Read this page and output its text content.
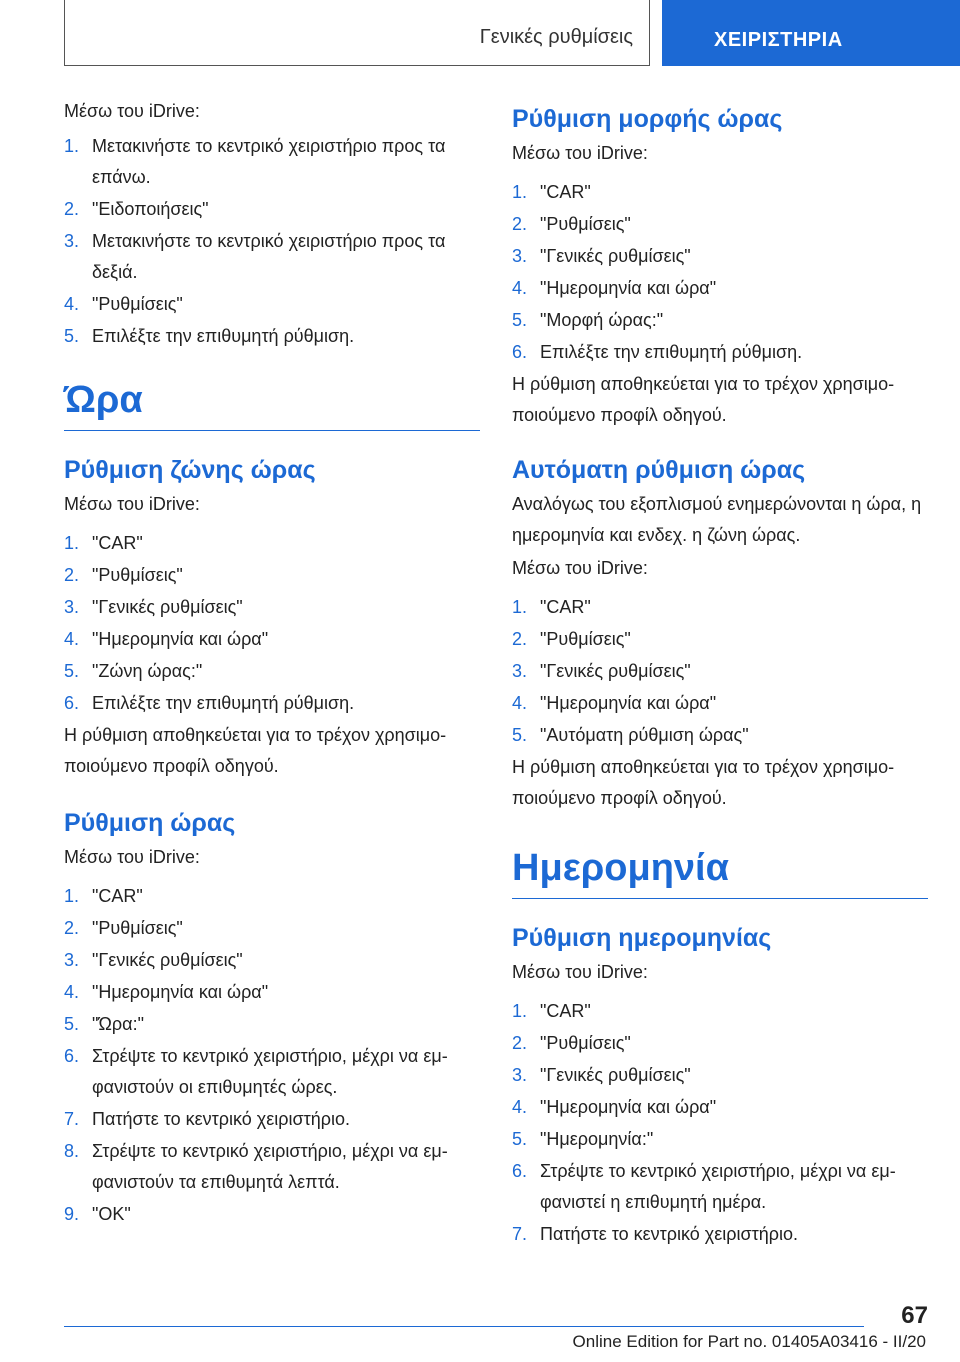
Γενικές ρυθμίσεις	ΧΕΙΡΙΣΤΗΡΙΑ

Μέσω του iDrive:

1. Μετακινήστε το κεντρικό χειριστήριο προς τα επάνω.
2. "Ειδοποιήσεις"
3. Μετακινήστε το κεντρικό χειριστήριο προς τα δεξιά.
4. "Ρυθμίσεις"
5. Επιλέξτε την επιθυμητή ρύθμιση.
Ώρα
Ρύθμιση ζώνης ώρας

Μέσω του iDrive:

1. "CAR"
2. "Ρυθμίσεις"
3. "Γενικές ρυθμίσεις"
4. "Ημερομηνία και ώρα"
5. "Ζώνη ώρας:"
6. Επιλέξτε την επιθυμητή ρύθμιση.

Η ρύθμιση αποθηκεύεται για το τρέχον χρησιμο-ποιούμενο προφίλ οδηγού.

Ρύθμιση ώρας

Μέσω του iDrive:

1. "CAR"
2. "Ρυθμίσεις"
3. "Γενικές ρυθμίσεις"
4. "Ημερομηνία και ώρα"
5. "Ώρα:"
6. Στρέψτε το κεντρικό χειριστήριο, μέχρι να εμ-φανιστούν οι επιθυμητές ώρες.
7. Πατήστε το κεντρικό χειριστήριο.
8. Στρέψτε το κεντρικό χειριστήριο, μέχρι να εμ-φανιστούν τα επιθυμητά λεπτά.
9. "OK"
Ρύθμιση μορφής ώρας

Μέσω του iDrive:

1. "CAR"
2. "Ρυθμίσεις"
3. "Γενικές ρυθμίσεις"
4. "Ημερομηνία και ώρα"
5. "Μορφή ώρας:"
6. Επιλέξτε την επιθυμητή ρύθμιση.

Η ρύθμιση αποθηκεύεται για το τρέχον χρησιμο-ποιούμενο προφίλ οδηγού.

Αυτόματη ρύθμιση ώρας

Αναλόγως του εξοπλισμού ενημερώνονται η ώρα, η ημερομηνία και ενδεχ. η ζώνη ώρας.

Μέσω του iDrive:

1. "CAR"
2. "Ρυθμίσεις"
3. "Γενικές ρυθμίσεις"
4. "Ημερομηνία και ώρα"
5. "Αυτόματη ρύθμιση ώρας"

Η ρύθμιση αποθηκεύεται για το τρέχον χρησιμο-ποιούμενο προφίλ οδηγού.

Ημερομηνία
Ρύθμιση ημερομηνίας

Μέσω του iDrive:

1. "CAR"
2. "Ρυθμίσεις"
3. "Γενικές ρυθμίσεις"
4. "Ημερομηνία και ώρα"
5. "Ημερομηνία:"
6. Στρέψτε το κεντρικό χειριστήριο, μέχρι να εμ-φανιστεί η επιθυμητή ημέρα.
7. Πατήστε το κεντρικό χειριστήριο.
67
Online Edition for Part no. 01405A03416 - II/20
